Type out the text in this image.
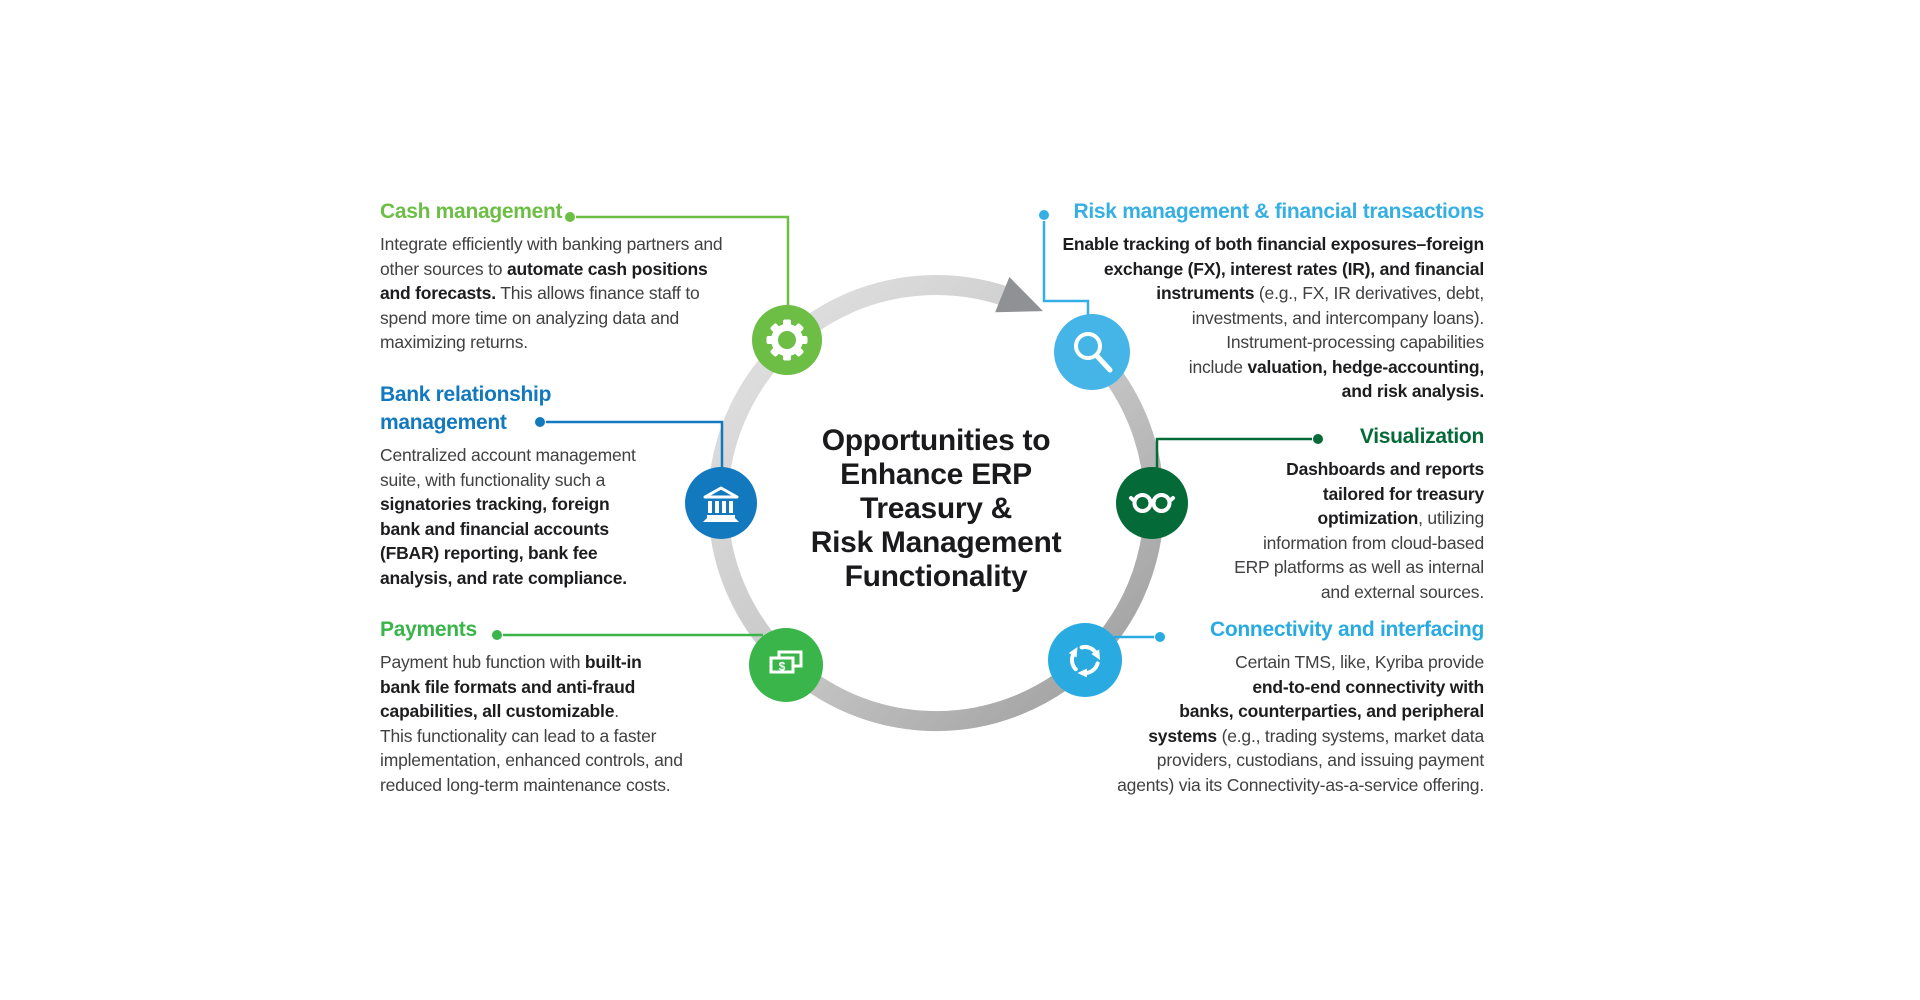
$
Opportunities to
Enhance ERP
Treasury &
Risk Management
Functionality
Cash management
Integrate efficiently with banking partners and
other sources to automate cash positions
and forecasts. This allows finance staff to
spend more time on analyzing data and
maximizing returns.
Bank relationship
management
Centralized account management
suite, with functionality such a
signatories tracking, foreign
bank and financial accounts
(FBAR) reporting, bank fee
analysis, and rate compliance.
Payments
Payment hub function with built-in
bank file formats and anti-fraud
capabilities, all customizable.
This functionality can lead to a faster
implementation, enhanced controls, and
reduced long-term maintenance costs.
Risk management & financial transactions
Enable tracking of both financial exposures–foreign
exchange (FX), interest rates (IR), and financial
instruments (e.g., FX, IR derivatives, debt,
investments, and intercompany loans).
Instrument-processing capabilities
include valuation, hedge-accounting,
and risk analysis.
Visualization
Dashboards and reports
tailored for treasury
optimization, utilizing
information from cloud-based
ERP platforms as well as internal
and external sources.
Connectivity and interfacing
Certain TMS, like, Kyriba provide
end-to-end connectivity with
banks, counterparties, and peripheral
systems (e.g., trading systems, market data
providers, custodians, and issuing payment
agents) via its Connectivity-as-a-service offering.
